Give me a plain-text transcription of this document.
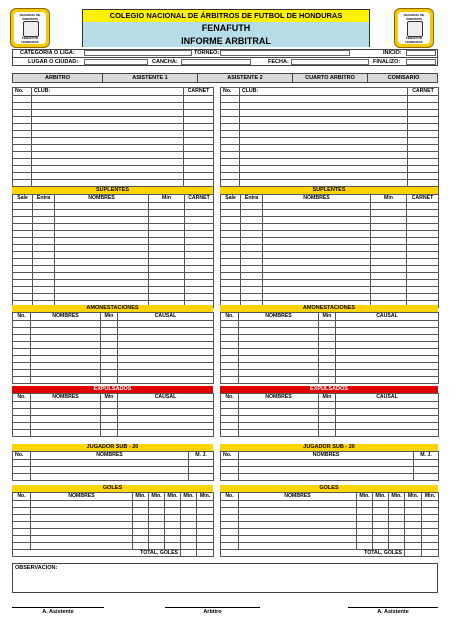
NACIONAL DE
ÁRBITROS
FENAFUTH
HONDURAS
NACIONAL DE
ÁRBITROS
FENAFUTH
HONDURAS
COLEGIO NACIONAL DE ÁRBITROS DE FUTBOL DE HONDURAS
FENAFUTH
INFORME ARBITRAL
CATEGORIA O LIGA:	TORNEO:	INICIO:
LUGAR O CIUDAD:	CANCHA:	FECHA:	FINALIZO:
ARBITRO	ASISTENTE 1	ASISTENTE 2	CUARTO ARBITRO	COMISARIO
No.	CLUB:	CARNET

			No.	CLUB:	CARNET

SUPLENTES	SUPLENTES
Sale	Entra	NOMBRES	Min	CARNET

					Sale	Entra	NOMBRES	Min	CARNET

AMONESTACIONES	AMONESTACIONES
No.	NOMBRES	Min	CAUSAL

				No.	NOMBRES	Min	CAUSAL

EXPULSADOS	EXPULSADOS
No.	NOMBRES	Min	CAUSAL

				No.	NOMBRES	Min	CAUSAL

JUGADOR SUB - 20	JUGADOR SUB - 20
No.	NOMBRES	M. J.

			No.	NOMBRES	M. J.

GOLES	GOLES
No.	NOMBRES	Min.	Min.	Min.	Min.	Min.

TOTAL, GOLES						
No.	NOMBRES	Min.	Min.	Min.	Min.	Min.

TOTAL, GOLES						
OBSERVACION:
A. Asistente	Arbitro	A. Asistente
